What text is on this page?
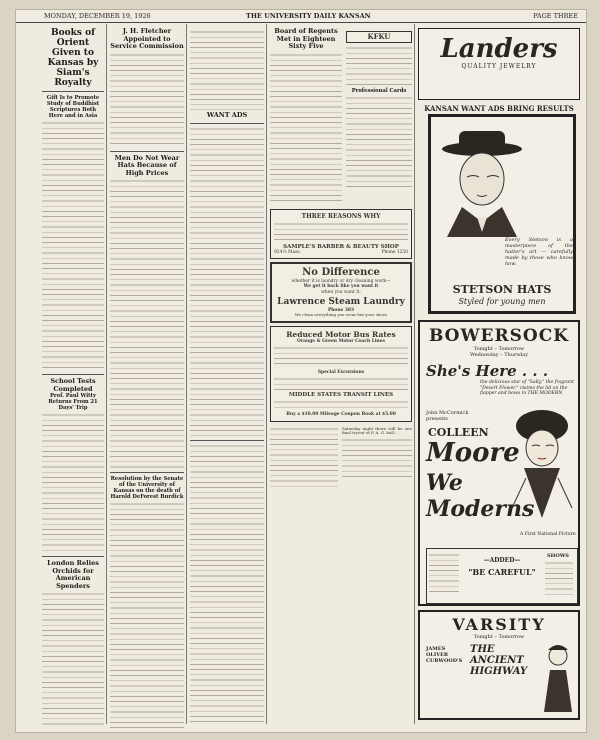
MONDAY, DECEMBER 19, 1926	THE UNIVERSITY DAILY KANSAN	PAGE THREE
Books of Orient Given to Kansas by Siam's Royalty
Gift Is to Promote Study of Buddhist Scriptures Both Here and in Asia
School Tests Completed
Prof. Paul Witty Returns From 21 Days' Trip
London Relies Orchids for American Spenders
J. H. Fletcher Appointed to Service Commission
Men Do Not Wear Hats Because of High Prices
Resolution by the Senate of the University of Kansas on the death of Harold DeForest Burdick
WANT ADS
Board of Regents Met in Eighteen Sixty Five
KFKU
Professional Cards
THREE REASONS WHY
SAMPLE'S BARBER & BEAUTY SHOP
924½ Mass.	Phone 1250
No Difference
whether it is laundry or dry cleaning work—
We get it back like you want it
when you want it.
Lawrence Steam Laundry
Phone 383
We clean everything you wear but your shoes
Reduced Motor Bus Rates
Orange & Green Motor Coach Lines
Special Excursions
MIDDLE STATES TRANSIT LINES
Buy a $10.00 Mileage Coupon Book at $5.00
Saturday night there will be one final tryout of P. A. G. ball...
Landers
QUALITY JEWELRY
KANSAN WANT ADS BRING RESULTS
Every Stetson is a masterpiece of the hatter's art — carefully made by those who know how.
STETSON HATS
Styled for young men
BOWERSOCK
Tonight – Tomorrow
Wednesday – Thursday
She's Here . . .
the delicious star of "Sally," the fragrant "Desert Flower," claims the lid on the flapper and bows in THE MODERN
John McCormick
presents
COLLEEN
Moore
We Moderns
A First National Picture
—ADDED—
"BE CAREFUL"
SHOWS
VARSITY
Tonight – Tomorrow
JAMES OLIVER CURWOOD'S
THE ANCIENT HIGHWAY
